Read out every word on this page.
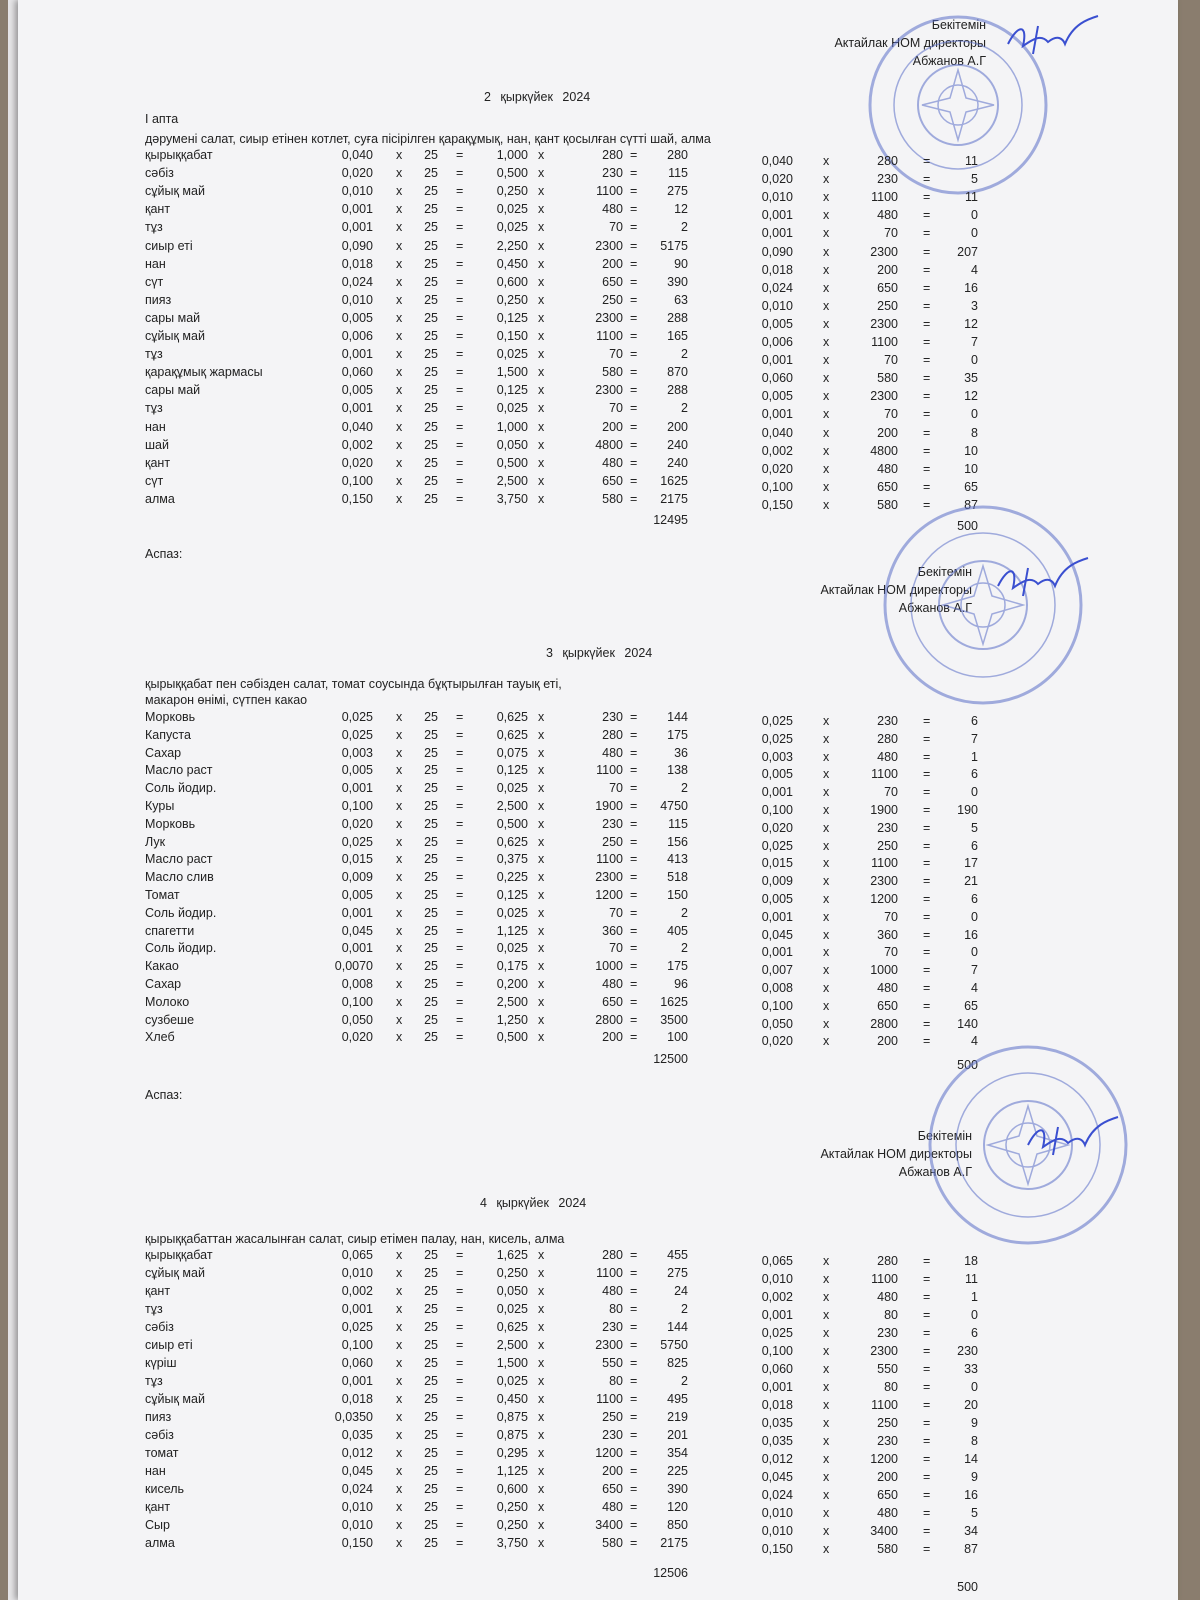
Бекітемін
Актайлак НОМ директоры
Абжанов А.Г
2 қыркүйек 2024
I апта
дәрумені салат, сиыр етінен котлет, суға пісірілген қарақұмық, нан, қант қосылған сүтті шай, алма
қырыққабат	0,040 x	25 =	1,000 x	280 =	280	0,040 x	280 =	11
сәбіз	0,020 x	25 =	0,500 x	230 =	115	0,020 x	230 =	5
сұйық май	0,010 x	25 =	0,250 x	1100 =	275	0,010 x	1100 =	11
қант	0,001 x	25 =	0,025 x	480 =	12	0,001 x	480 =	0
тұз	0,001 x	25 =	0,025 x	70 =	2	0,001 x	70 =	0
сиыр еті	0,090 x	25 =	2,250 x	2300 =	5175	0,090 x	2300 =	207
нан	0,018 x	25 =	0,450 x	200 =	90	0,018 x	200 =	4
сүт	0,024 x	25 =	0,600 x	650 =	390	0,024 x	650 =	16
пияз	0,010 x	25 =	0,250 x	250 =	63	0,010 x	250 =	3
сары май	0,005 x	25 =	0,125 x	2300 =	288	0,005 x	2300 =	12
сұйық май	0,006 x	25 =	0,150 x	1100 =	165	0,006 x	1100 =	7
тұз	0,001 x	25 =	0,025 x	70 =	2	0,001 x	70 =	0
қарақұмық жармасы	0,060 x	25 =	1,500 x	580 =	870	0,060 x	580 =	35
сары май	0,005 x	25 =	0,125 x	2300 =	288	0,005 x	2300 =	12
тұз	0,001 x	25 =	0,025 x	70 =	2	0,001 x	70 =	0
нан	0,040 x	25 =	1,000 x	200 =	200	0,040 x	200 =	8
шай	0,002 x	25 =	0,050 x	4800 =	240	0,002 x	4800 =	10
қант	0,020 x	25 =	0,500 x	480 =	240	0,020 x	480 =	10
сүт	0,100 x	25 =	2,500 x	650 =	1625	0,100 x	650 =	65
алма	0,150 x	25 =	3,750 x	580 =	2175	0,150 x	580 =	87
12495	500
Аспаз:
Бекітемін
Актайлак НОМ директоры
Абжанов А.Г
3 қыркүйек 2024
қырыққабат пен сәбізден салат, томат соусында бұқтырылған тауық еті,
макарон өнімі, сүтпен какао
Морковь	0,025 x	25 =	0,625 x	230 =	144	0,025 x	230 =	6
Капуста	0,025 x	25 =	0,625 x	280 =	175	0,025 x	280 =	7
Сахар	0,003 x	25 =	0,075 x	480 =	36	0,003 x	480 =	1
Масло раст	0,005 x	25 =	0,125 x	1100 =	138	0,005 x	1100 =	6
Соль йодир.	0,001 x	25 =	0,025 x	70 =	2	0,001 x	70 =	0
Куры	0,100 x	25 =	2,500 x	1900 =	4750	0,100 x	1900 =	190
Морковь	0,020 x	25 =	0,500 x	230 =	115	0,020 x	230 =	5
Лук	0,025 x	25 =	0,625 x	250 =	156	0,025 x	250 =	6
Масло раст	0,015 x	25 =	0,375 x	1100 =	413	0,015 x	1100 =	17
Масло слив	0,009 x	25 =	0,225 x	2300 =	518	0,009 x	2300 =	21
Томат	0,005 x	25 =	0,125 x	1200 =	150	0,005 x	1200 =	6
Соль йодир.	0,001 x	25 =	0,025 x	70 =	2	0,001 x	70 =	0
спагетти	0,045 x	25 =	1,125 x	360 =	405	0,045 x	360 =	16
Соль йодир.	0,001 x	25 =	0,025 x	70 =	2	0,001 x	70 =	0
Какао	0,0070 x	25 =	0,175 x	1000 =	175	0,007 x	1000 =	7
Сахар	0,008 x	25 =	0,200 x	480 =	96	0,008 x	480 =	4
Молоко	0,100 x	25 =	2,500 x	650 =	1625	0,100 x	650 =	65
сузбеше	0,050 x	25 =	1,250 x	2800 =	3500	0,050 x	2800 =	140
Хлеб	0,020 x	25 =	0,500 x	200 =	100	0,020 x	200 =	4
12500	500
Аспаз:
Бекітемін
Актайлак НОМ директоры
Абжанов А.Г
4 қыркүйек 2024
қырыққабаттан жасалынған салат, сиыр етімен палау, нан, кисель, алма
қырыққабат	0,065 x	25 =	1,625 x	280 =	455	0,065 x	280 =	18
сұйық май	0,010 x	25 =	0,250 x	1100 =	275	0,010 x	1100 =	11
қант	0,002 x	25 =	0,050 x	480 =	24	0,002 x	480 =	1
тұз	0,001 x	25 =	0,025 x	80 =	2	0,001 x	80 =	0
сәбіз	0,025 x	25 =	0,625 x	230 =	144	0,025 x	230 =	6
сиыр еті	0,100 x	25 =	2,500 x	2300 =	5750	0,100 x	2300 =	230
күріш	0,060 x	25 =	1,500 x	550 =	825	0,060 x	550 =	33
тұз	0,001 x	25 =	0,025 x	80 =	2	0,001 x	80 =	0
сұйық май	0,018 x	25 =	0,450 x	1100 =	495	0,018 x	1100 =	20
пияз	0,0350 x	25 =	0,875 x	250 =	219	0,035 x	250 =	9
сәбіз	0,035 x	25 =	0,875 x	230 =	201	0,035 x	230 =	8
томат	0,012 x	25 =	0,295 x	1200 =	354	0,012 x	1200 =	14
нан	0,045 x	25 =	1,125 x	200 =	225	0,045 x	200 =	9
кисель	0,024 x	25 =	0,600 x	650 =	390	0,024 x	650 =	16
қант	0,010 x	25 =	0,250 x	480 =	120	0,010 x	480 =	5
Сыр	0,010 x	25 =	0,250 x	3400 =	850	0,010 x	3400 =	34
алма	0,150 x	25 =	3,750 x	580 =	2175	0,150 x	580 =	87
12506
500
